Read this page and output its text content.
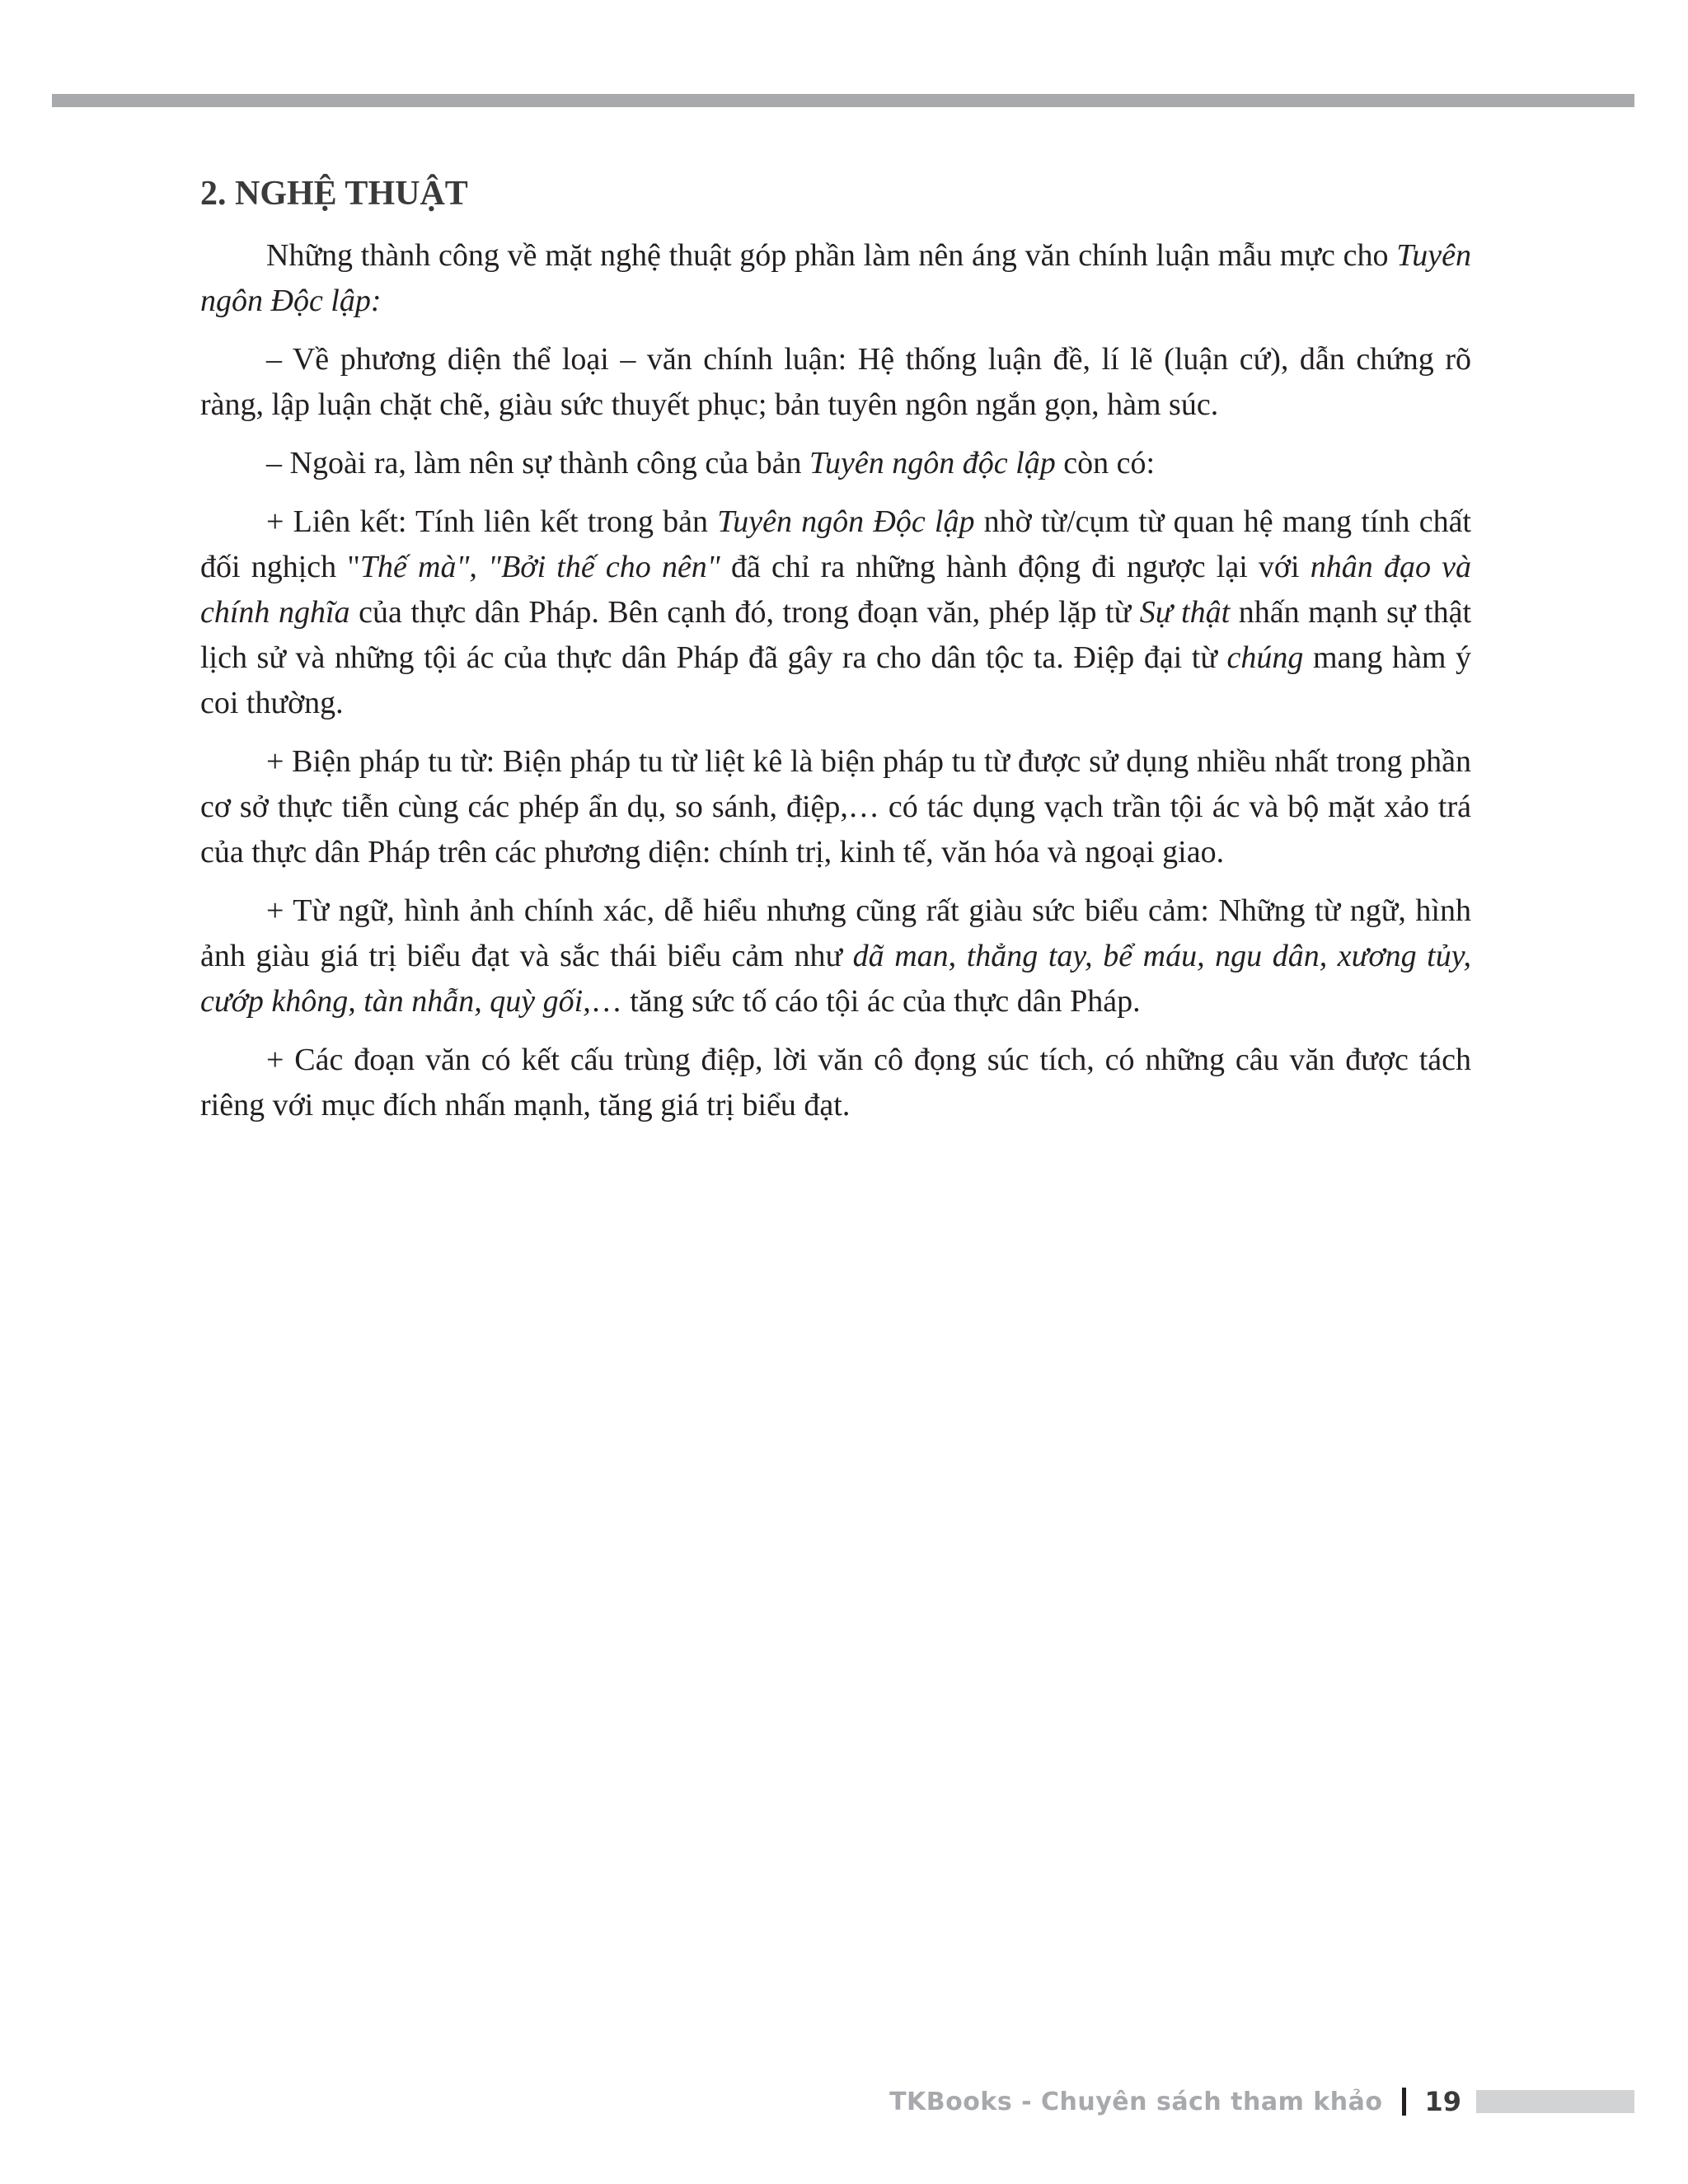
2. NGHỆ THUẬT

Những thành công về mặt nghệ thuật góp phần làm nên áng văn chính luận mẫu mực cho Tuyên ngôn Độc lập:

– Về phương diện thể loại – văn chính luận: Hệ thống luận đề, lí lẽ (luận cứ), dẫn chứng rõ ràng, lập luận chặt chẽ, giàu sức thuyết phục; bản tuyên ngôn ngắn gọn, hàm súc.

– Ngoài ra, làm nên sự thành công của bản Tuyên ngôn độc lập còn có:

+ Liên kết: Tính liên kết trong bản Tuyên ngôn Độc lập nhờ từ/cụm từ quan hệ mang tính chất đối nghịch "Thế mà", "Bởi thế cho nên" đã chỉ ra những hành động đi ngược lại với nhân đạo và chính nghĩa của thực dân Pháp. Bên cạnh đó, trong đoạn văn, phép lặp từ Sự thật nhấn mạnh sự thật lịch sử và những tội ác của thực dân Pháp đã gây ra cho dân tộc ta. Điệp đại từ chúng mang hàm ý coi thường.

+ Biện pháp tu từ: Biện pháp tu từ liệt kê là biện pháp tu từ được sử dụng nhiều nhất trong phần cơ sở thực tiễn cùng các phép ẩn dụ, so sánh, điệp,… có tác dụng vạch trần tội ác và bộ mặt xảo trá của thực dân Pháp trên các phương diện: chính trị, kinh tế, văn hóa và ngoại giao.

+ Từ ngữ, hình ảnh chính xác, dễ hiểu nhưng cũng rất giàu sức biểu cảm: Những từ ngữ, hình ảnh giàu giá trị biểu đạt và sắc thái biểu cảm như dã man, thẳng tay, bể máu, ngu dân, xương tủy, cướp không, tàn nhẫn, quỳ gối,… tăng sức tố cáo tội ác của thực dân Pháp.

+ Các đoạn văn có kết cấu trùng điệp, lời văn cô đọng súc tích, có những câu văn được tách riêng với mục đích nhấn mạnh, tăng giá trị biểu đạt.

TKBooks - Chuyên sách tham khảo 19
